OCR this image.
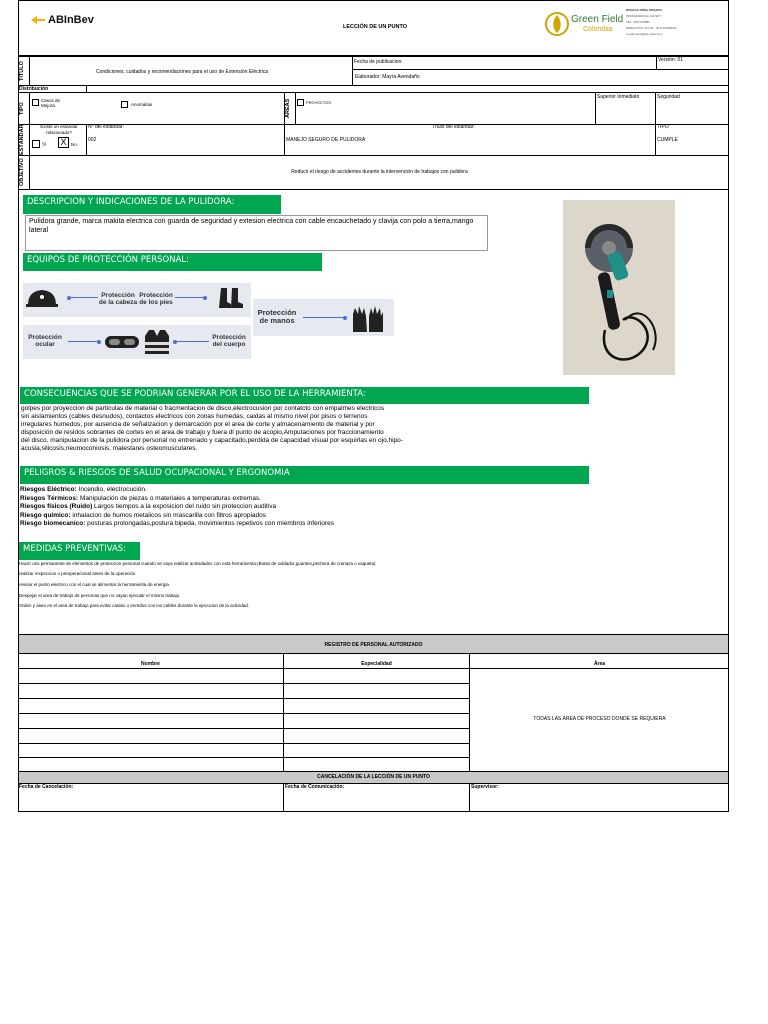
ABInBev
LECCIÓN DE UN PUNTO
Green Field
Colombia
RONALD PEÑA ROSADO
PROFESSIONAL SAFETY
TEL. 3017705983
DIRECCIÓN: VIA 40 - 25 # ROSEDAL
ronald.pena@ab-inbev.com
TÍTULO	Condiciones, cuidados y recomendaciones para el uso de Extensión Eléctrica
Fecha de publicacion:	Versión: 01
Elaborador: Mayra Avendaño
Distribución
TIPO
Casos de Mejora	Anomalías	ÁREAS	PROYECTOS
Superior Inmediato	Seguridad
ESTÁNDAR	Existe un estándar relacionado?
Sí X	No
N° del estándar:
002
Título del estándar:
MANEJO SEGURO DE PULIDORA
TIPO
CUMPLE
OBJETIVO	Reducir el riesgo de accidentes durante la intervención de trabajos con pulidora
DESCRIPCION Y INDICACIONES DE LA PULIDORA:
Pulidora grande, marca makita electrica con guarda de seguridad y extesion electrica con cable encauchetado y clavija con polo a tierra,mango lateral
EQUIPOS DE PROTECCIÓN PERSONAL:
Protección de la cabeza
Protección de los pies
Protección de manos
Protección ocular
Protección del cuerpo
CONSECUENCIAS QUE SE PODRIAN GENERAR POR EL USO DE LA HERRAMIENTA:
golpes por proyeccion de particulas de material o fracmentacion de disco,electrocusion por contatcto con empalmes electricos
sin aislamientos (cables desnudos), contactos electricos con zonas humedas, caidas al mismo nivel por pisos o terrenos
irregulares humedos, por ausencia de señalizacion y demarcación por el area de corte y almacenamiento de material y por
disposición de residos sobrantes de cortes en el area de trabajo y fuera dl punto de acopio,Amputaciones por fraccionamiento
del disco, manipulacion de la pulidora por personal no entrenado y capacitado,perdida de capacidad visual por esquirlas en ojo,hipo-
acusia,silicosis,neumoconiosis, malestares osteomusculares.
PELIGROS & RIESGOS DE SALUD OCUPACIONAL Y ERGONOMIA
Riesgos Eléctrico: Incendio, electrocución.
Riesgos Térmicos: Manipulación de piezas o materiales a temperaturas extremas.
Riesgos físicos (Ruido) Largos tiempos a la exposicion del ruido sin proteccion auditiva
Riesgo quimico: inhalacion de humos metalicos sin mascarilla con filtros apropiados
Riesgo biomecanico: posturas prolongadas,postura bipeda, movimientos repetivos con miembros inferiores
MEDIDAS PREVENTIVAS:
Hacer uso permanente de elementos de proteccion personal cuando se vaya realizar actividades con esta herramienta.(Botas de soldador,guantes,pechera de cranaza o vaqueta)
realizar inspeccion o preoperacional antes de la operación
revisar el punto electrico con el cual se alimentar la herramienta de energia
Despejar el area de trabajo de personas que no vayan ejecutar el mismo trabajo.
Orden y aseo en el area de trabajo para evitar caidas o enredos con los cables durante la ejecucion de la actividad.
REGISTRO DE PERSONAL AUTORIZADO
Nombre	Especialidad	Área
TODAS LAS AREA DE PROCESO DONDE SE REQUIERA
CANCELACIÓN DE LA LECCIÓN DE UN PUNTO
Fecha de Cancelación:	Fecha de Comunicación:	Supervisor:
